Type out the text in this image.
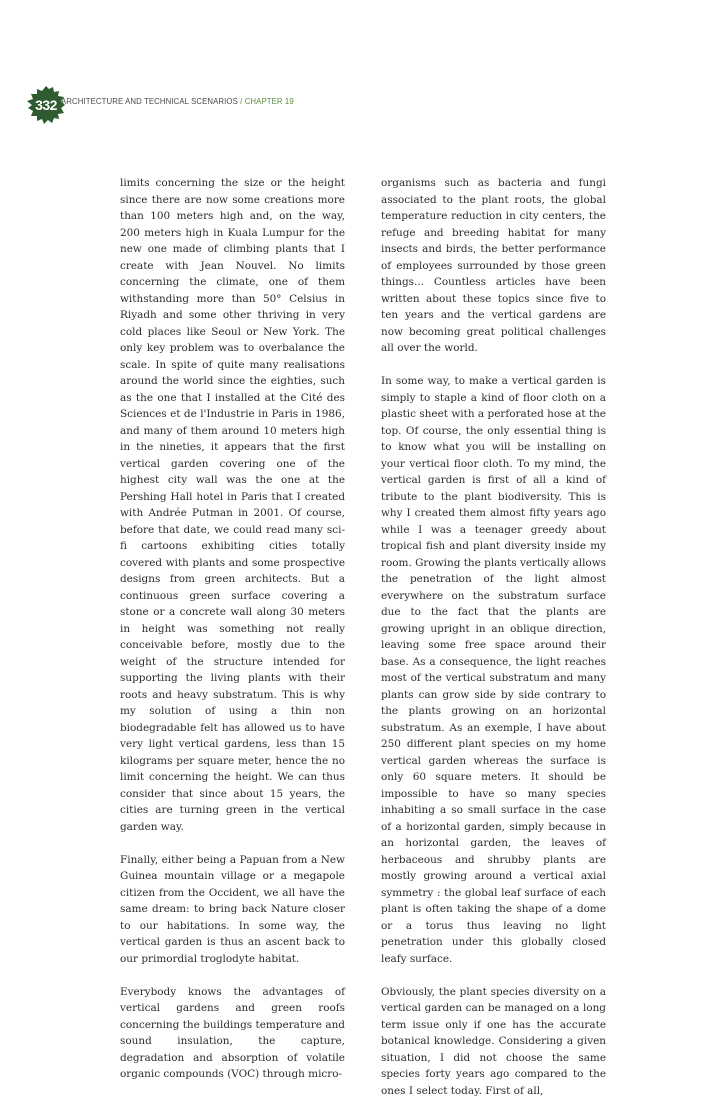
332 ARCHITECTURE AND TECHNICAL SCENARIOS / CHAPTER 19

limits concerning the size or the height since there are now some creations more than 100 meters high and, on the way, 200 meters high in Kuala Lumpur for the new one made of climbing plants that I create with Jean Nouvel. No limits concerning the climate, one of them withstanding more than 50° Celsius in Riyadh and some other thriving in very cold places like Seoul or New York. The only key problem was to overbalance the scale. In spite of quite many realisations around the world since the eighties, such as the one that I installed at the Cité des Sciences et de l'Industrie in Paris in 1986, and many of them around 10 meters high in the nineties, it appears that the first vertical garden covering one of the highest city wall was the one at the Pershing Hall hotel in Paris that I created with Andrée Putman in 2001. Of course, before that date, we could read many sci-fi cartoons exhibiting cities totally covered with plants and some prospective designs from green architects. But a continuous green surface covering a stone or a concrete wall along 30 meters in height was something not really conceivable before, mostly due to the weight of the structure intended for supporting the living plants with their roots and heavy substratum. This is why my solution of using a thin non biodegradable felt has allowed us to have very light vertical gardens, less than 15 kilograms per square meter, hence the no limit concerning the height. We can thus consider that since about 15 years, the cities are turning green in the vertical garden way.

Finally, either being a Papuan from a New Guinea mountain village or a megapole citizen from the Occident, we all have the same dream: to bring back Nature closer to our habitations. In some way, the vertical garden is thus an ascent back to our primordial troglodyte habitat.

Everybody knows the advantages of vertical gardens and green roofs concerning the buildings temperature and sound insulation, the capture, degradation and absorption of volatile organic compounds (VOC) through micro-

organisms such as bacteria and fungi associated to the plant roots, the global temperature reduction in city centers, the refuge and breeding habitat for many insects and birds, the better performance of employees surrounded by those green things... Countless articles have been written about these topics since five to ten years and the vertical gardens are now becoming great political challenges all over the world.

In some way, to make a vertical garden is simply to staple a kind of floor cloth on a plastic sheet with a perforated hose at the top. Of course, the only essential thing is to know what you will be installing on your vertical floor cloth. To my mind, the vertical garden is first of all a kind of tribute to the plant biodiversity. This is why I created them almost fifty years ago while I was a teenager greedy about tropical fish and plant diversity inside my room. Growing the plants vertically allows the penetration of the light almost everywhere on the substratum surface due to the fact that the plants are growing upright in an oblique direction, leaving some free space around their base. As a consequence, the light reaches most of the vertical substratum and many plants can grow side by side contrary to the plants growing on an horizontal substratum. As an exemple, I have about 250 different plant species on my home vertical garden whereas the surface is only 60 square meters. It should be impossible to have so many species inhabiting a so small surface in the case of a horizontal garden, simply because in an horizontal garden, the leaves of herbaceous and shrubby plants are mostly growing around a vertical axial symmetry : the global leaf surface of each plant is often taking the shape of a dome or a torus thus leaving no light penetration under this globally closed leafy surface.

Obviously, the plant species diversity on a vertical garden can be managed on a long term issue only if one has the accurate botanical knowledge. Considering a given situation, I did not choose the same species forty years ago compared to the ones I select today. First of all,
